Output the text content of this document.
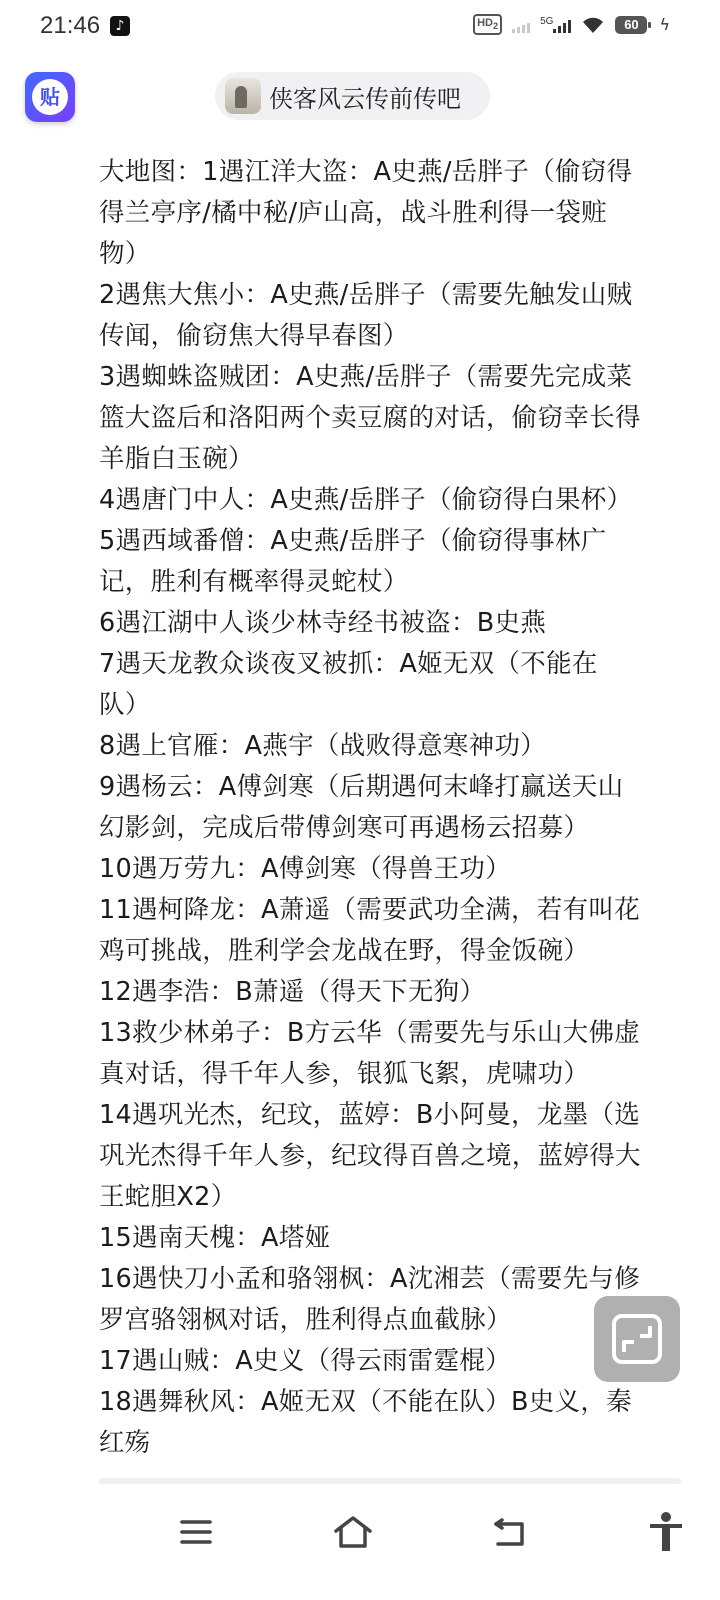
21:46	♪	$HD_2$	5G	60	ϟ
贴	侠客风云传前传吧

大地图：1遇江洋大盗：A史燕/岳胖子（偷窃得

得兰亭序/橘中秘/庐山高，战斗胜利得一袋赃

物）

2遇焦大焦小：A史燕/岳胖子（需要先触发山贼

传闻，偷窃焦大得早春图）

3遇蜘蛛盗贼团：A史燕/岳胖子（需要先完成菜

篮大盗后和洛阳两个卖豆腐的对话，偷窃幸长得

羊脂白玉碗）

4遇唐门中人：A史燕/岳胖子（偷窃得白果杯）

5遇西域番僧：A史燕/岳胖子（偷窃得事林广

记，胜利有概率得灵蛇杖）

6遇江湖中人谈少林寺经书被盗：B史燕

7遇天龙教众谈夜叉被抓：A姬无双（不能在

队）

8遇上官雁：A燕宇（战败得意寒神功）

9遇杨云：A傅剑寒（后期遇何末峰打赢送天山

幻影剑，完成后带傅剑寒可再遇杨云招募）

10遇万劳九：A傅剑寒（得兽王功）

11遇柯降龙：A萧遥（需要武功全满，若有叫花

鸡可挑战，胜利学会龙战在野，得金饭碗）

12遇李浩：B萧遥（得天下无狗）

13救少林弟子：B方云华（需要先与乐山大佛虚

真对话，得千年人参，银狐飞絮，虎啸功）

14遇巩光杰，纪玟，蓝婷：B小阿曼，龙墨（选

巩光杰得千年人参，纪玟得百兽之境，蓝婷得大

王蛇胆X2）

15遇南天槐：A塔娅

16遇快刀小孟和骆翎枫：A沈湘芸（需要先与修

罗宫骆翎枫对话，胜利得点血截脉）

17遇山贼：A史义（得云雨雷霆棍）

18遇舞秋风：A姬无双（不能在队）B史义，秦

红殇
